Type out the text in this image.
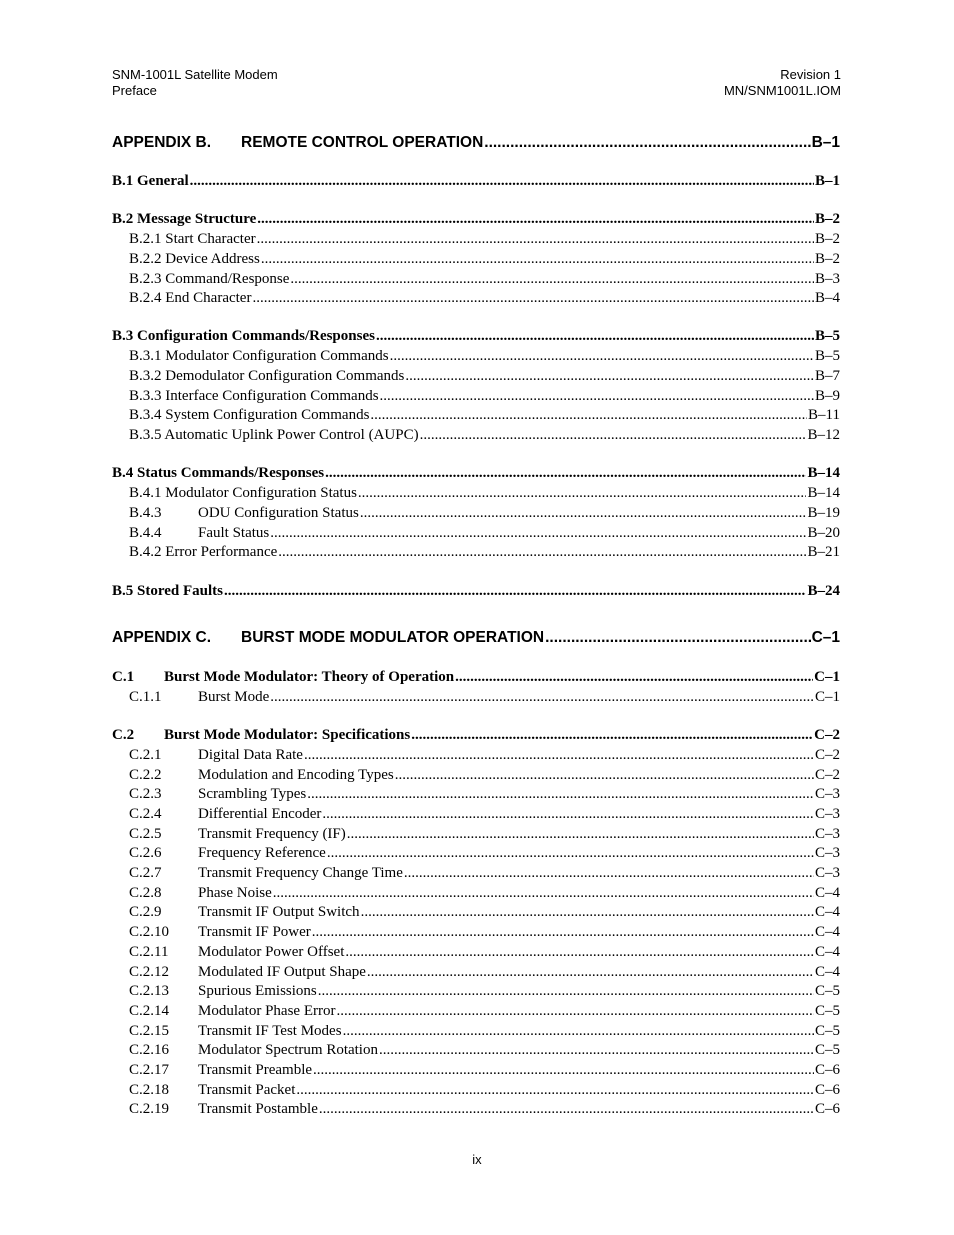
SNM-1001L Satellite Modem
Preface
Revision 1
MN/SNM1001L.IOM
APPENDIX B. REMOTE CONTROL OPERATION .....	B–1
B.1 General .....	B–1
B.2 Message Structure .....	B–2
B.2.1 Start Character .....	B–2
B.2.2 Device Address .....	B–2
B.2.3 Command/Response .....	B–3
B.2.4 End Character .....	B–4
B.3 Configuration Commands/Responses .....	B–5
B.3.1 Modulator Configuration Commands .....	B–5
B.3.2 Demodulator Configuration Commands .....	B–7
B.3.3 Interface Configuration Commands .....	B–9
B.3.4 System Configuration Commands .....	B–11
B.3.5 Automatic Uplink Power Control (AUPC) .....	B–12
B.4 Status Commands/Responses .....	B–14
B.4.1 Modulator Configuration Status .....	B–14
B.4.3 ODU Configuration Status .....	B–19
B.4.4 Fault Status .....	B–20
B.4.2 Error Performance .....	B–21
B.5 Stored Faults .....	B–24
APPENDIX C. BURST MODE MODULATOR OPERATION .....	C–1
C.1 Burst Mode Modulator: Theory of Operation .....	C–1
C.1.1 Burst Mode .....	C–1
C.2 Burst Mode Modulator: Specifications .....	C–2
C.2.1 Digital Data Rate .....	C–2
C.2.2 Modulation and Encoding Types .....	C–2
C.2.3 Scrambling Types .....	C–3
C.2.4 Differential Encoder .....	C–3
C.2.5 Transmit Frequency (IF) .....	C–3
C.2.6 Frequency Reference .....	C–3
C.2.7 Transmit Frequency Change Time .....	C–3
C.2.8 Phase Noise .....	C–4
C.2.9 Transmit IF Output Switch .....	C–4
C.2.10 Transmit IF Power .....	C–4
C.2.11 Modulator Power Offset .....	C–4
C.2.12 Modulated IF Output Shape .....	C–4
C.2.13 Spurious Emissions .....	C–5
C.2.14 Modulator Phase Error .....	C–5
C.2.15 Transmit IF Test Modes .....	C–5
C.2.16 Modulator Spectrum Rotation .....	C–5
C.2.17 Transmit Preamble .....	C–6
C.2.18 Transmit Packet .....	C–6
C.2.19 Transmit Postamble .....	C–6
ix
